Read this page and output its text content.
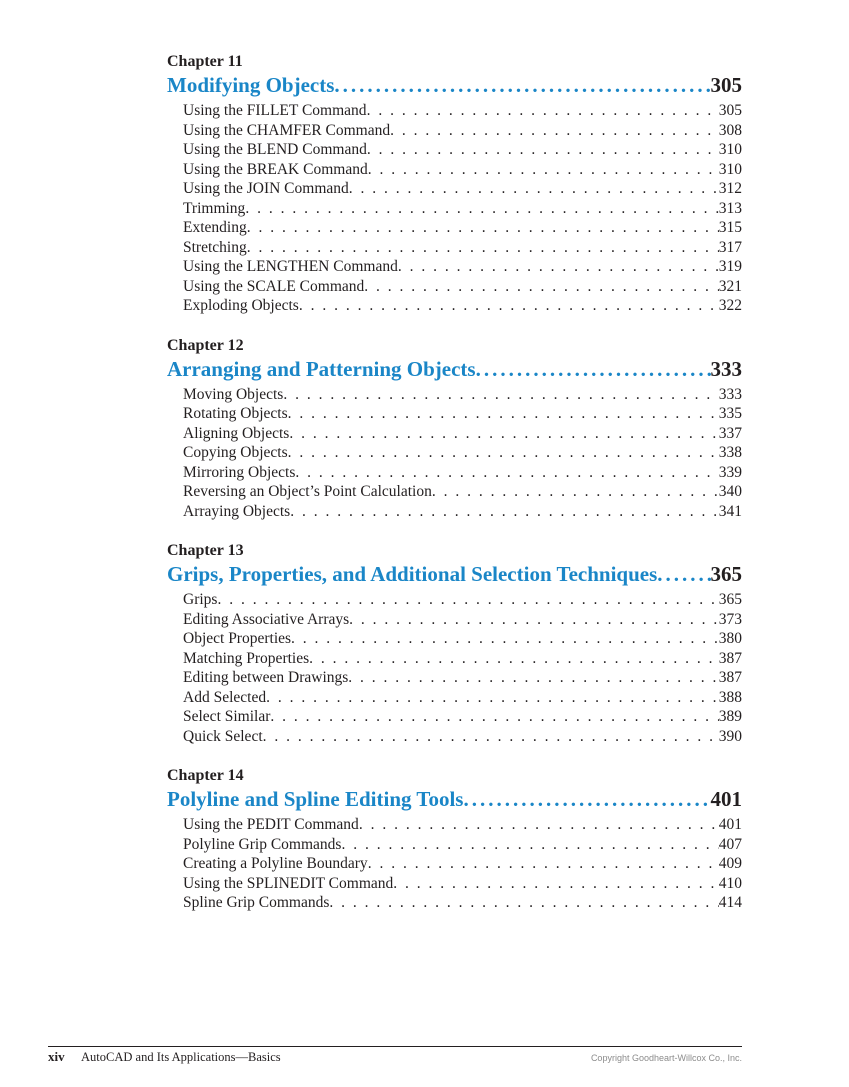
Chapter 11
Modifying Objects .....	305
Using the FILLET Command . . .	305
Using the CHAMFER Command . . .	308
Using the BLEND Command . . .	310
Using the BREAK Command . . .	310
Using the JOIN Command . . .	312
Trimming . . .	313
Extending . . .	315
Stretching . . .	317
Using the LENGTHEN Command . . .	319
Using the SCALE Command . . .	321
Exploding Objects . . .	322
Chapter 12
Arranging and Patterning Objects .....	333
Moving Objects . . .	333
Rotating Objects . . .	335
Aligning Objects . . .	337
Copying Objects . . .	338
Mirroring Objects . . .	339
Reversing an Object’s Point Calculation . . .	340
Arraying Objects . . .	341
Chapter 13
Grips, Properties, and Additional Selection Techniques .....	365
Grips . . .	365
Editing Associative Arrays . . .	373
Object Properties . . .	380
Matching Properties . . .	387
Editing between Drawings . . .	387
Add Selected . . .	388
Select Similar . . .	389
Quick Select . . .	390
Chapter 14
Polyline and Spline Editing Tools .....	401
Using the PEDIT Command . . .	401
Polyline Grip Commands . . .	407
Creating a Polyline Boundary . . .	409
Using the SPLINEDIT Command . . .	410
Spline Grip Commands . . .	414
xiv	AutoCAD and Its Applications—Basics	Copyright Goodheart-Willcox Co., Inc.
